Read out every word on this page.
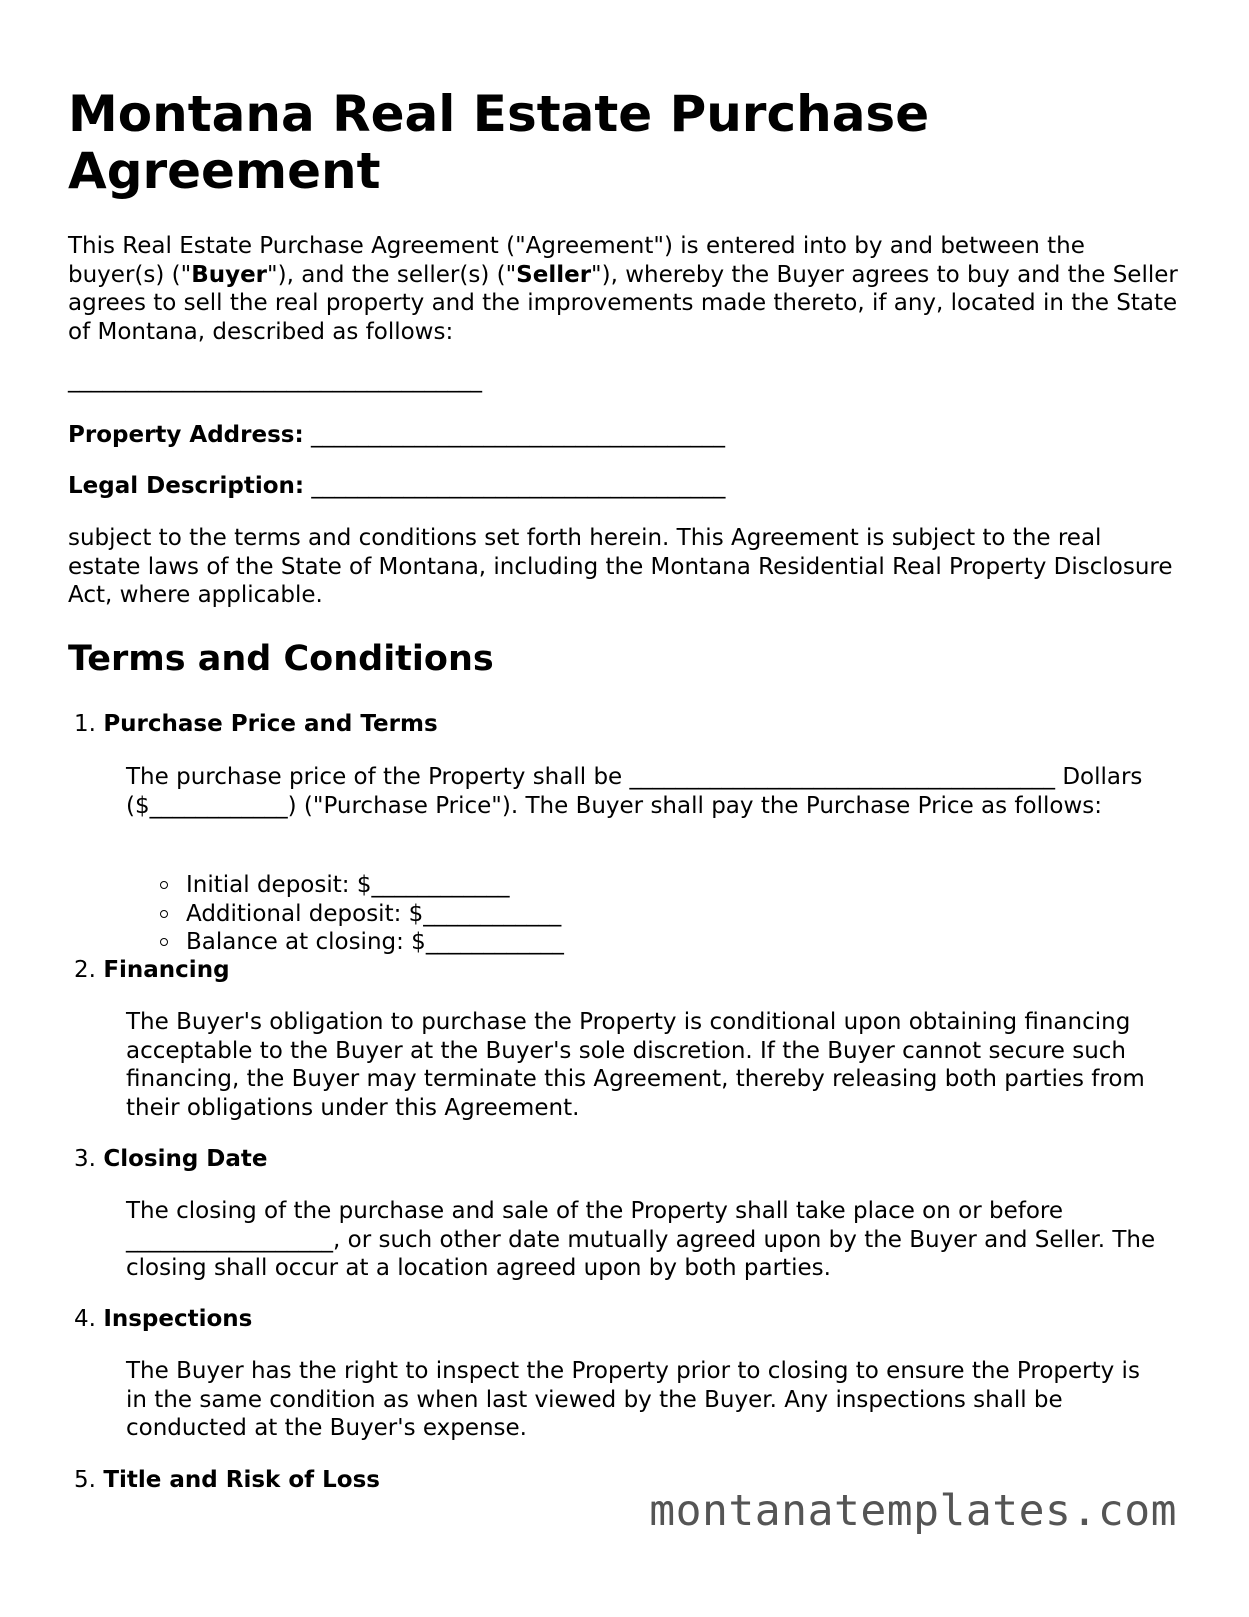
Montana Real Estate Purchase Agreement

This Real Estate Purchase Agreement ("Agreement") is entered into by and between the buyer(s) ("Buyer"), and the seller(s) ("Seller"), whereby the Buyer agrees to buy and the Seller agrees to sell the real property and the improvements made thereto, if any, located in the State of Montana, described as follows:

____________________________________

Property Address: ____________________________________

Legal Description: ____________________________________

subject to the terms and conditions set forth herein. This Agreement is subject to the real estate laws of the State of Montana, including the Montana Residential Real Property Disclosure Act, where applicable.

Terms and Conditions

1. Purchase Price and Terms

The purchase price of the Property shall be _____________________________________ Dollars ($____________) ("Purchase Price"). The Buyer shall pay the Purchase Price as follows:

Initial deposit: $____________
Additional deposit: $____________
Balance at closing: $____________

2. Financing

The Buyer's obligation to purchase the Property is conditional upon obtaining financing acceptable to the Buyer at the Buyer's sole discretion. If the Buyer cannot secure such financing, the Buyer may terminate this Agreement, thereby releasing both parties from their obligations under this Agreement.

3. Closing Date

The closing of the purchase and sale of the Property shall take place on or before __________________, or such other date mutually agreed upon by the Buyer and Seller. The closing shall occur at a location agreed upon by both parties.

4. Inspections

The Buyer has the right to inspect the Property prior to closing to ensure the Property is in the same condition as when last viewed by the Buyer. Any inspections shall be conducted at the Buyer's expense.

5. Title and Risk of Loss

montanatemplates.com
